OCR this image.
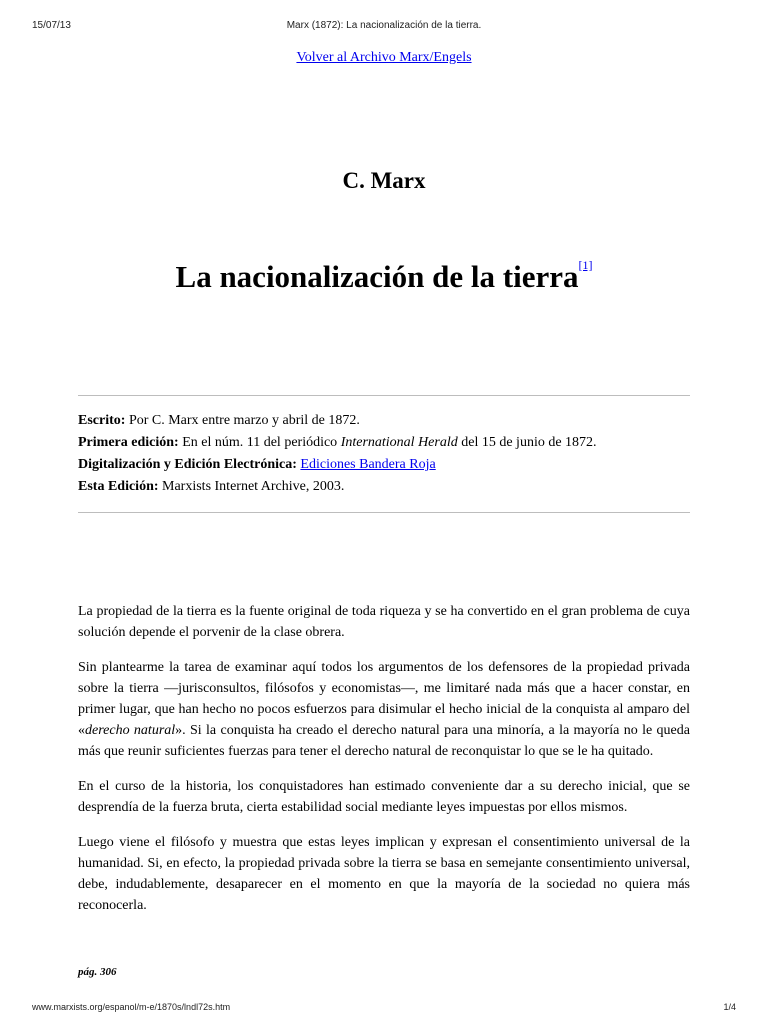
15/07/13	Marx (1872): La nacionalización de la tierra.
Volver al Archivo Marx/Engels
C. Marx
La nacionalización de la tierra[1]
Escrito: Por C. Marx entre marzo y abril de 1872.
Primera edición: En el núm. 11 del periódico International Herald del 15 de junio de 1872.
Digitalización y Edición Electrónica: Ediciones Bandera Roja
Esta Edición: Marxists Internet Archive, 2003.

La propiedad de la tierra es la fuente original de toda riqueza y se ha convertido en el gran problema de cuya solución depende el porvenir de la clase obrera.

Sin plantearme la tarea de examinar aquí todos los argumentos de los defensores de la propiedad privada sobre la tierra —jurisconsultos, filósofos y economistas—, me limitaré nada más que a hacer constar, en primer lugar, que han hecho no pocos esfuerzos para disimular el hecho inicial de la conquista al amparo del «derecho natural». Si la conquista ha creado el derecho natural para una minoría, a la mayoría no le queda más que reunir suficientes fuerzas para tener el derecho natural de reconquistar lo que se le ha quitado.

En el curso de la historia, los conquistadores han estimado conveniente dar a su derecho inicial, que se desprendía de la fuerza bruta, cierta estabilidad social mediante leyes impuestas por ellos mismos.

Luego viene el filósofo y muestra que estas leyes implican y expresan el consentimiento universal de la humanidad. Si, en efecto, la propiedad privada sobre la tierra se basa en semejante consentimiento universal, debe, indudablemente, desaparecer en el momento en que la mayoría de la sociedad no quiera más reconocerla.

pág. 306
www.marxists.org/espanol/m-e/1870s/lndl72s.htm	1/4
